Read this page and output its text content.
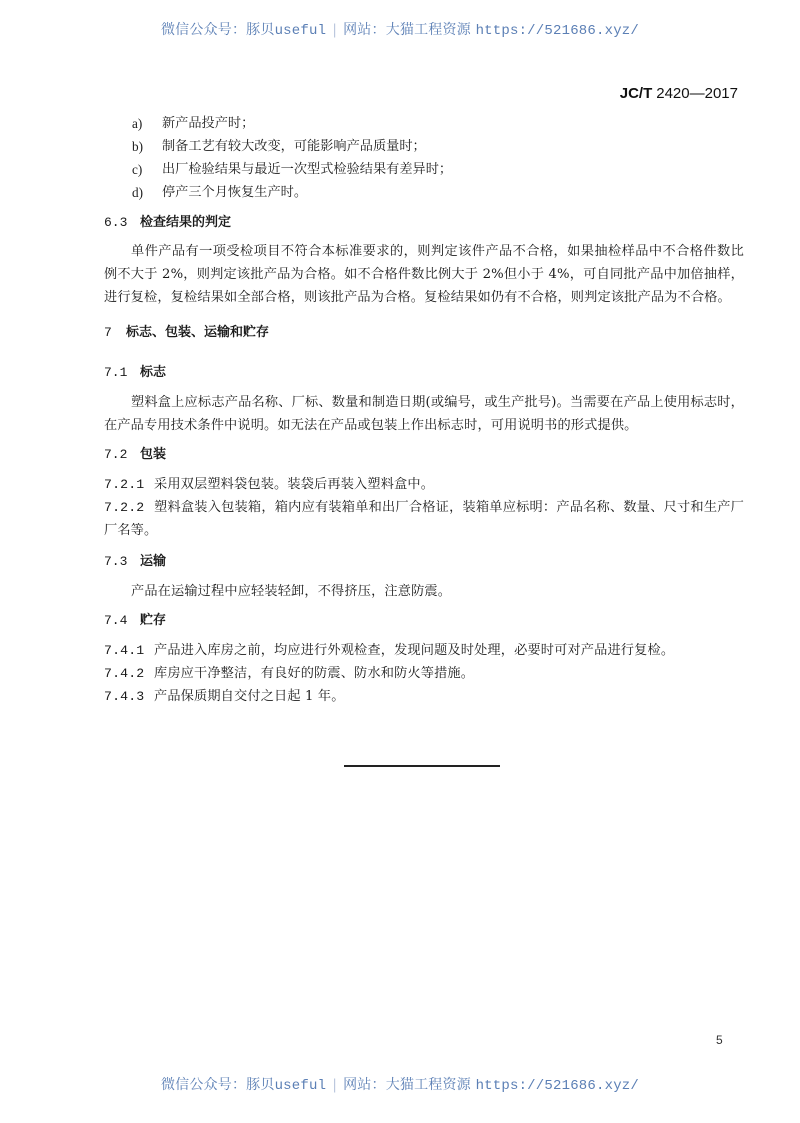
微信公众号：豚贝useful | 网站：大猫工程资源 https://521686.xyz/
JC/T 2420—2017
a) 新产品投产时；
b) 制备工艺有较大改变，可能影响产品质量时；
c) 出厂检验结果与最近一次型式检验结果有差异时；
d) 停产三个月恢复生产时。
6.3 检查结果的判定
单件产品有一项受检项目不符合本标准要求的，则判定该件产品不合格，如果抽检样品中不合格件数比例不大于 2%，则判定该批产品为合格。如不合格件数比例大于 2%但小于 4%，可自同批产品中加倍抽样，进行复检，复检结果如全部合格，则该批产品为合格。复检结果如仍有不合格，则判定该批产品为不合格。
7 标志、包装、运输和贮存
7.1 标志
塑料盒上应标志产品名称、厂标、数量和制造日期(或编号，或生产批号)。当需要在产品上使用标志时，在产品专用技术条件中说明。如无法在产品或包装上作出标志时，可用说明书的形式提供。
7.2 包装
7.2.1 采用双层塑料袋包装。装袋后再装入塑料盒中。
7.2.2 塑料盒装入包装箱，箱内应有装箱单和出厂合格证，装箱单应标明：产品名称、数量、尺寸和生产厂厂名等。
7.3 运输
产品在运输过程中应轻装轻卸，不得挤压，注意防震。
7.4 贮存
7.4.1 产品进入库房之前，均应进行外观检查，发现问题及时处理，必要时可对产品进行复检。
7.4.2 库房应干净整洁，有良好的防震、防水和防火等措施。
7.4.3 产品保质期自交付之日起 1 年。
5
微信公众号：豚贝useful | 网站：大猫工程资源 https://521686.xyz/
